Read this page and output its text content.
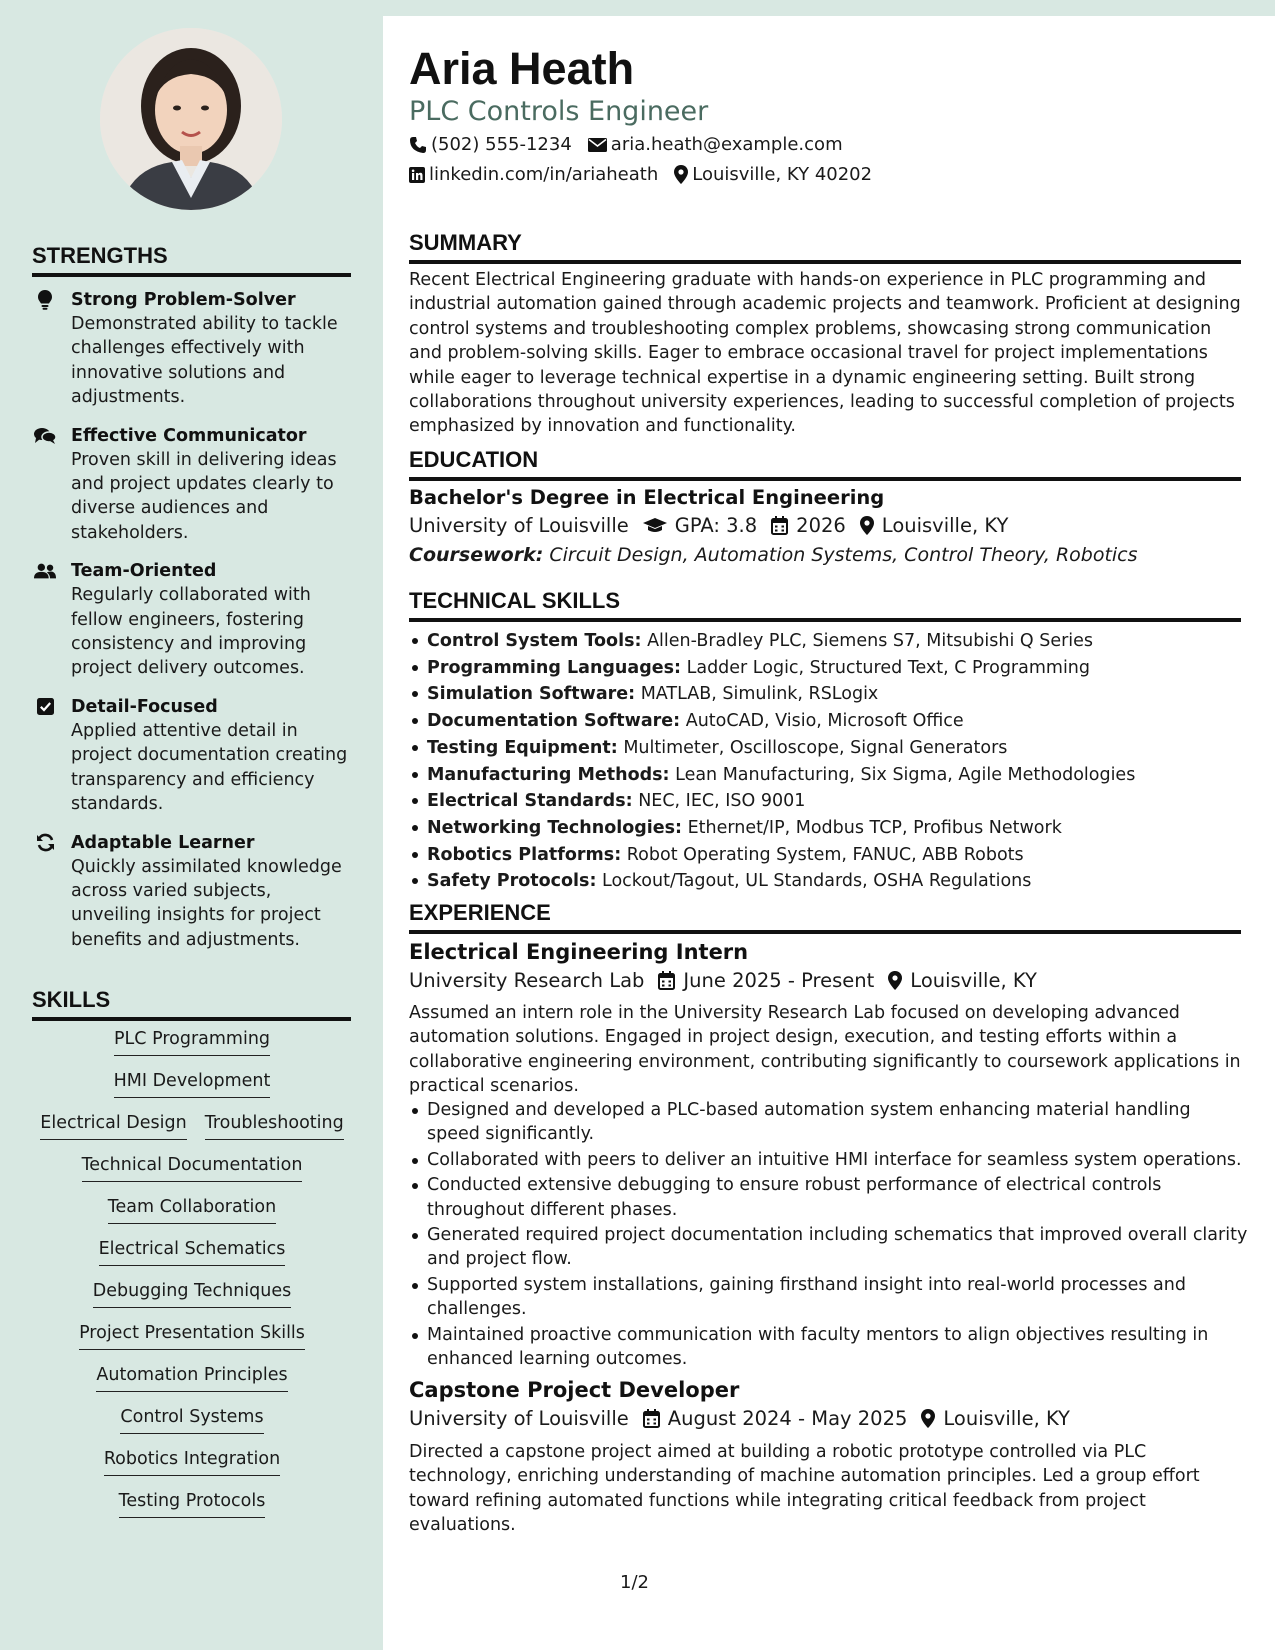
STRENGTHS
Strong Problem-Solver
Demonstrated ability to tackle challenges effectively with innovative solutions and adjustments.
Effective Communicator
Proven skill in delivering ideas and project updates clearly to diverse audiences and stakeholders.
Team-Oriented
Regularly collaborated with fellow engineers, fostering consistency and improving project delivery outcomes.
Detail-Focused
Applied attentive detail in project documentation creating transparency and efficiency standards.
Adaptable Learner
Quickly assimilated knowledge across varied subjects, unveiling insights for project benefits and adjustments.
SKILLS
PLC Programming
HMI Development
Electrical Design Troubleshooting
Technical Documentation
Team Collaboration
Electrical Schematics
Debugging Techniques
Project Presentation Skills
Automation Principles
Control Systems
Robotics Integration
Testing Protocols
Aria Heath
PLC Controls Engineer
(502) 555-1234 aria.heath@example.com
linkedin.com/in/ariaheath Louisville, KY 40202
SUMMARY
Recent Electrical Engineering graduate with hands-on experience in PLC programming and industrial automation gained through academic projects and teamwork. Proficient at designing control systems and troubleshooting complex problems, showcasing strong communication and problem-solving skills. Eager to embrace occasional travel for project implementations while eager to leverage technical expertise in a dynamic engineering setting. Built strong collaborations throughout university experiences, leading to successful completion of projects emphasized by innovation and functionality.
EDUCATION
Bachelor's Degree in Electrical Engineering
University of Louisville GPA: 3.8 2026 Louisville, KY
Coursework: Circuit Design, Automation Systems, Control Theory, Robotics
TECHNICAL SKILLS
Control System Tools: Allen-Bradley PLC, Siemens S7, Mitsubishi Q Series
Programming Languages: Ladder Logic, Structured Text, C Programming
Simulation Software: MATLAB, Simulink, RSLogix
Documentation Software: AutoCAD, Visio, Microsoft Office
Testing Equipment: Multimeter, Oscilloscope, Signal Generators
Manufacturing Methods: Lean Manufacturing, Six Sigma, Agile Methodologies
Electrical Standards: NEC, IEC, ISO 9001
Networking Technologies: Ethernet/IP, Modbus TCP, Profibus Network
Robotics Platforms: Robot Operating System, FANUC, ABB Robots
Safety Protocols: Lockout/Tagout, UL Standards, OSHA Regulations
EXPERIENCE
Electrical Engineering Intern
University Research Lab June 2025 - Present Louisville, KY
Assumed an intern role in the University Research Lab focused on developing advanced automation solutions. Engaged in project design, execution, and testing efforts within a collaborative engineering environment, contributing significantly to coursework applications in practical scenarios.
Designed and developed a PLC-based automation system enhancing material handling speed significantly.
Collaborated with peers to deliver an intuitive HMI interface for seamless system operations.
Conducted extensive debugging to ensure robust performance of electrical controls throughout different phases.
Generated required project documentation including schematics that improved overall clarity and project flow.
Supported system installations, gaining firsthand insight into real-world processes and challenges.
Maintained proactive communication with faculty mentors to align objectives resulting in enhanced learning outcomes.
Capstone Project Developer
University of Louisville August 2024 - May 2025 Louisville, KY
Directed a capstone project aimed at building a robotic prototype controlled via PLC technology, enriching understanding of machine automation principles. Led a group effort toward refining automated functions while integrating critical feedback from project evaluations.
1/2
